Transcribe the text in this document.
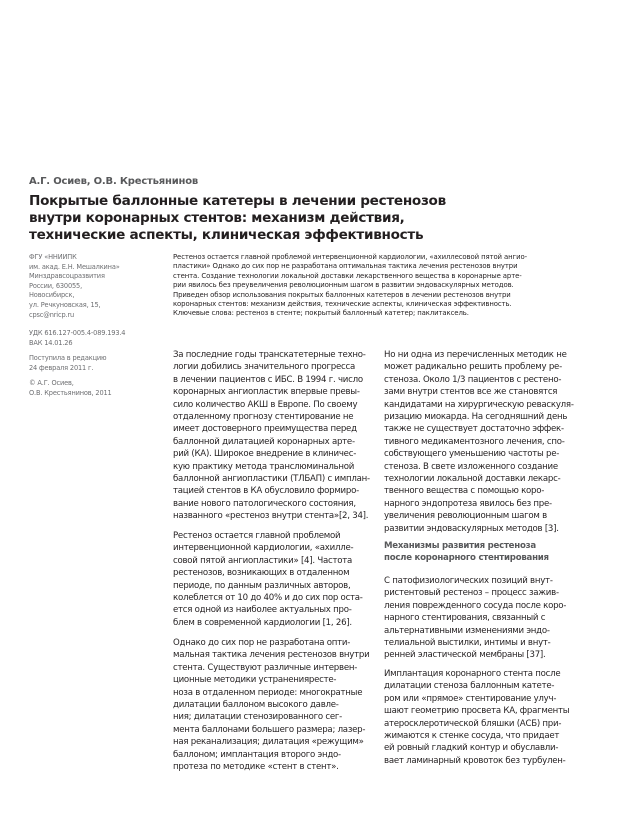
А.Г. Осиев, О.В. Крестьянинов
Покрытые баллонные катетеры в лечении рестенозов
внутри коронарных стентов: механизм действия,
технические аспекты, клиническая эффективность
ФГУ «ННИИПК
им. акад. Е.Н. Мешалкина»
Минздравсоцразвития
России, 630055,
Новосибирск,
ул. Речкуновская, 15,
cpsc@nricp.ru
УДК 616.127-005.4-089.193.4
ВАК 14.01.26
Поступила в редакцию
24 февраля 2011 г.
© А.Г. Осиев,
О.В. Крестьянинов, 2011
Рестеноз остается главной проблемой интервенционной кардиологии, «ахиллесовой пятой ангио-
пластики» Однако до сих пор не разработана оптимальная тактика лечения рестенозов внутри
стента. Создание технологии локальной доставки лекарственного вещества в коронарные арте-
рии явилось без преувеличения революционным шагом в развитии эндоваскулярных методов.
Приведен обзор использования покрытых баллонных катетеров в лечении рестенозов внутри
коронарных стентов: механизм действия, технические аспекты, клиническая эффективность.
Ключевые слова: рестеноз в стенте; покрытый баллонный катетер; паклитаксель.
За последние годы транскатетерные техно-
логии добились значительного прогресса
в лечении пациентов с ИБС. В 1994 г. число
коронарных ангиопластик впервые превы-
сило количество АКШ в Европе. По своему
отдаленному прогнозу стентирование не
имеет достоверного преимущества перед
баллонной дилатацией коронарных арте-
рий (КА). Широкое внедрение в клиничес-
кую практику метода транслюминальной
баллонной ангиопластики (ТЛБАП) с имплан-
тацией стентов в КА обусловило формиро-
вание нового патологического состояния,
названного «рестеноз внутри стента»[2, 34].
Рестеноз остается главной проблемой
интервенционной кардиологии, «ахилле-
совой пятой ангиопластики» [4]. Частота
рестенозов, возникающих в отдаленном
периоде, по данным различных авторов,
колеблется от 10 до 40% и до сих пор оста-
ется одной из наиболее актуальных про-
блем в современной кардиологии [1, 26].
Однако до сих пор не разработана опти-
мальная тактика лечения рестенозов внутри
стента. Существуют различные интервен-
ционные методики устраненияресте-
ноза в отдаленном периоде: многократные
дилатации баллоном высокого давле-
ния; дилатации стенозированного сег-
мента баллонами большего размера; лазер-
ная реканализация; дилатация «режущим»
баллоном; имплантация второго эндо-
протеза по методике «стент в стент».
Но ни одна из перечисленных методик не
может радикально решить проблему ре-
стеноза. Около 1/3 пациентов с рестено-
зами внутри стентов все же становятся
кандидатами на хирургическую реваскуля-
ризацию миокарда. На сегодняшний день
также не существует достаточно эффек-
тивного медикаментозного лечения, спо-
собствующего уменьшению частоты ре-
стеноза. В свете изложенного создание
технологии локальной доставки лекарс-
твенного вещества с помощью коро-
нарного эндопротеза явилось без пре-
увеличения революционным шагом в
развитии эндоваскулярных методов [3].
Механизмы развития рестеноза
после коронарного стентирования
С патофизиологических позиций внут-
ристентовый рестеноз – процесс зажив-
ления поврежденного сосуда после коро-
нарного стентирования, связанный с
альтернативными изменениями эндо-
телиальной выстилки, интимы и внут-
ренней эластической мембраны [37].
Имплантация коронарного стента после
дилатации стеноза баллонным катете-
ром или «прямое» стентирование улуч-
шают геометрию просвета КА, фрагменты
атеросклеротической бляшки (АСБ) при-
жимаются к стенке сосуда, что придает
ей ровный гладкий контур и обуславли-
вает ламинарный кровоток без турбулен-
